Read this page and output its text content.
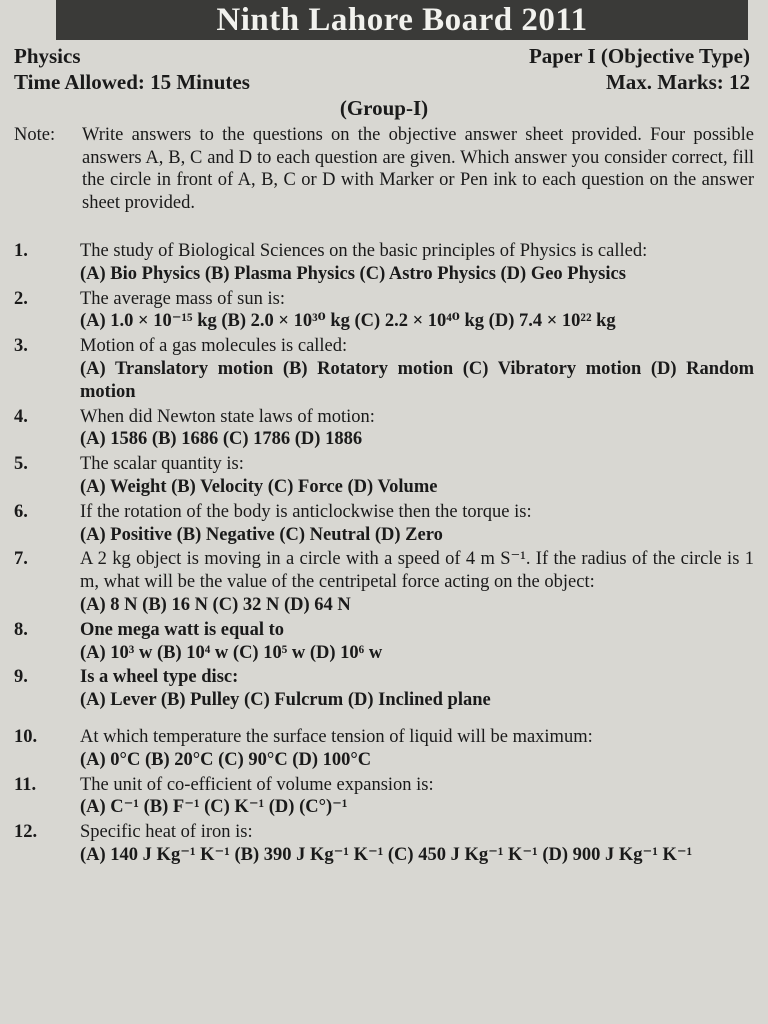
Ninth Lahore Board 2011
Physics	Paper I (Objective Type)
Time Allowed: 15 Minutes	Max. Marks: 12
(Group-I)
Note:	Write answers to the questions on the objective answer sheet provided. Four possible answers A, B, C and D to each question are given. Which answer you consider correct, fill the circle in front of A, B, C or D with Marker or Pen ink to each question on the answer sheet provided.
1.	The study of Biological Sciences on the basic principles of Physics is called:
(A) Bio Physics (B) Plasma Physics (C) Astro Physics (D) Geo Physics
2.	The average mass of sun is:
(A) 1.0 × 10⁻¹⁵ kg (B) 2.0 × 10³⁰ kg (C) 2.2 × 10⁴⁰ kg (D) 7.4 × 10²² kg
3.	Motion of a gas molecules is called:
(A) Translatory motion (B) Rotatory motion (C) Vibratory motion (D) Random motion
4.	When did Newton state laws of motion:
(A) 1586 (B) 1686 (C) 1786 (D) 1886
5.	The scalar quantity is:
(A) Weight (B) Velocity (C) Force (D) Volume
6.	If the rotation of the body is anticlockwise then the torque is:
(A) Positive (B) Negative (C) Neutral (D) Zero
7.	A 2 kg object is moving in a circle with a speed of 4 m S⁻¹. If the radius of the circle is 1 m, what will be the value of the centripetal force acting on the object:
(A) 8 N (B) 16 N (C) 32 N (D) 64 N
8.	One mega watt is equal to
(A) 10³ w (B) 10⁴ w (C) 10⁵ w (D) 10⁶ w
9.	Is a wheel type disc:
(A) Lever (B) Pulley (C) Fulcrum (D) Inclined plane
10.	At which temperature the surface tension of liquid will be maximum:
(A) 0°C (B) 20°C (C) 90°C (D) 100°C
11.	The unit of co-efficient of volume expansion is:
(A) C⁻¹ (B) F⁻¹ (C) K⁻¹ (D) (C°)⁻¹
12.	Specific heat of iron is:
(A) 140 J Kg⁻¹ K⁻¹ (B) 390 J Kg⁻¹ K⁻¹ (C) 450 J Kg⁻¹ K⁻¹ (D) 900 J Kg⁻¹ K⁻¹
